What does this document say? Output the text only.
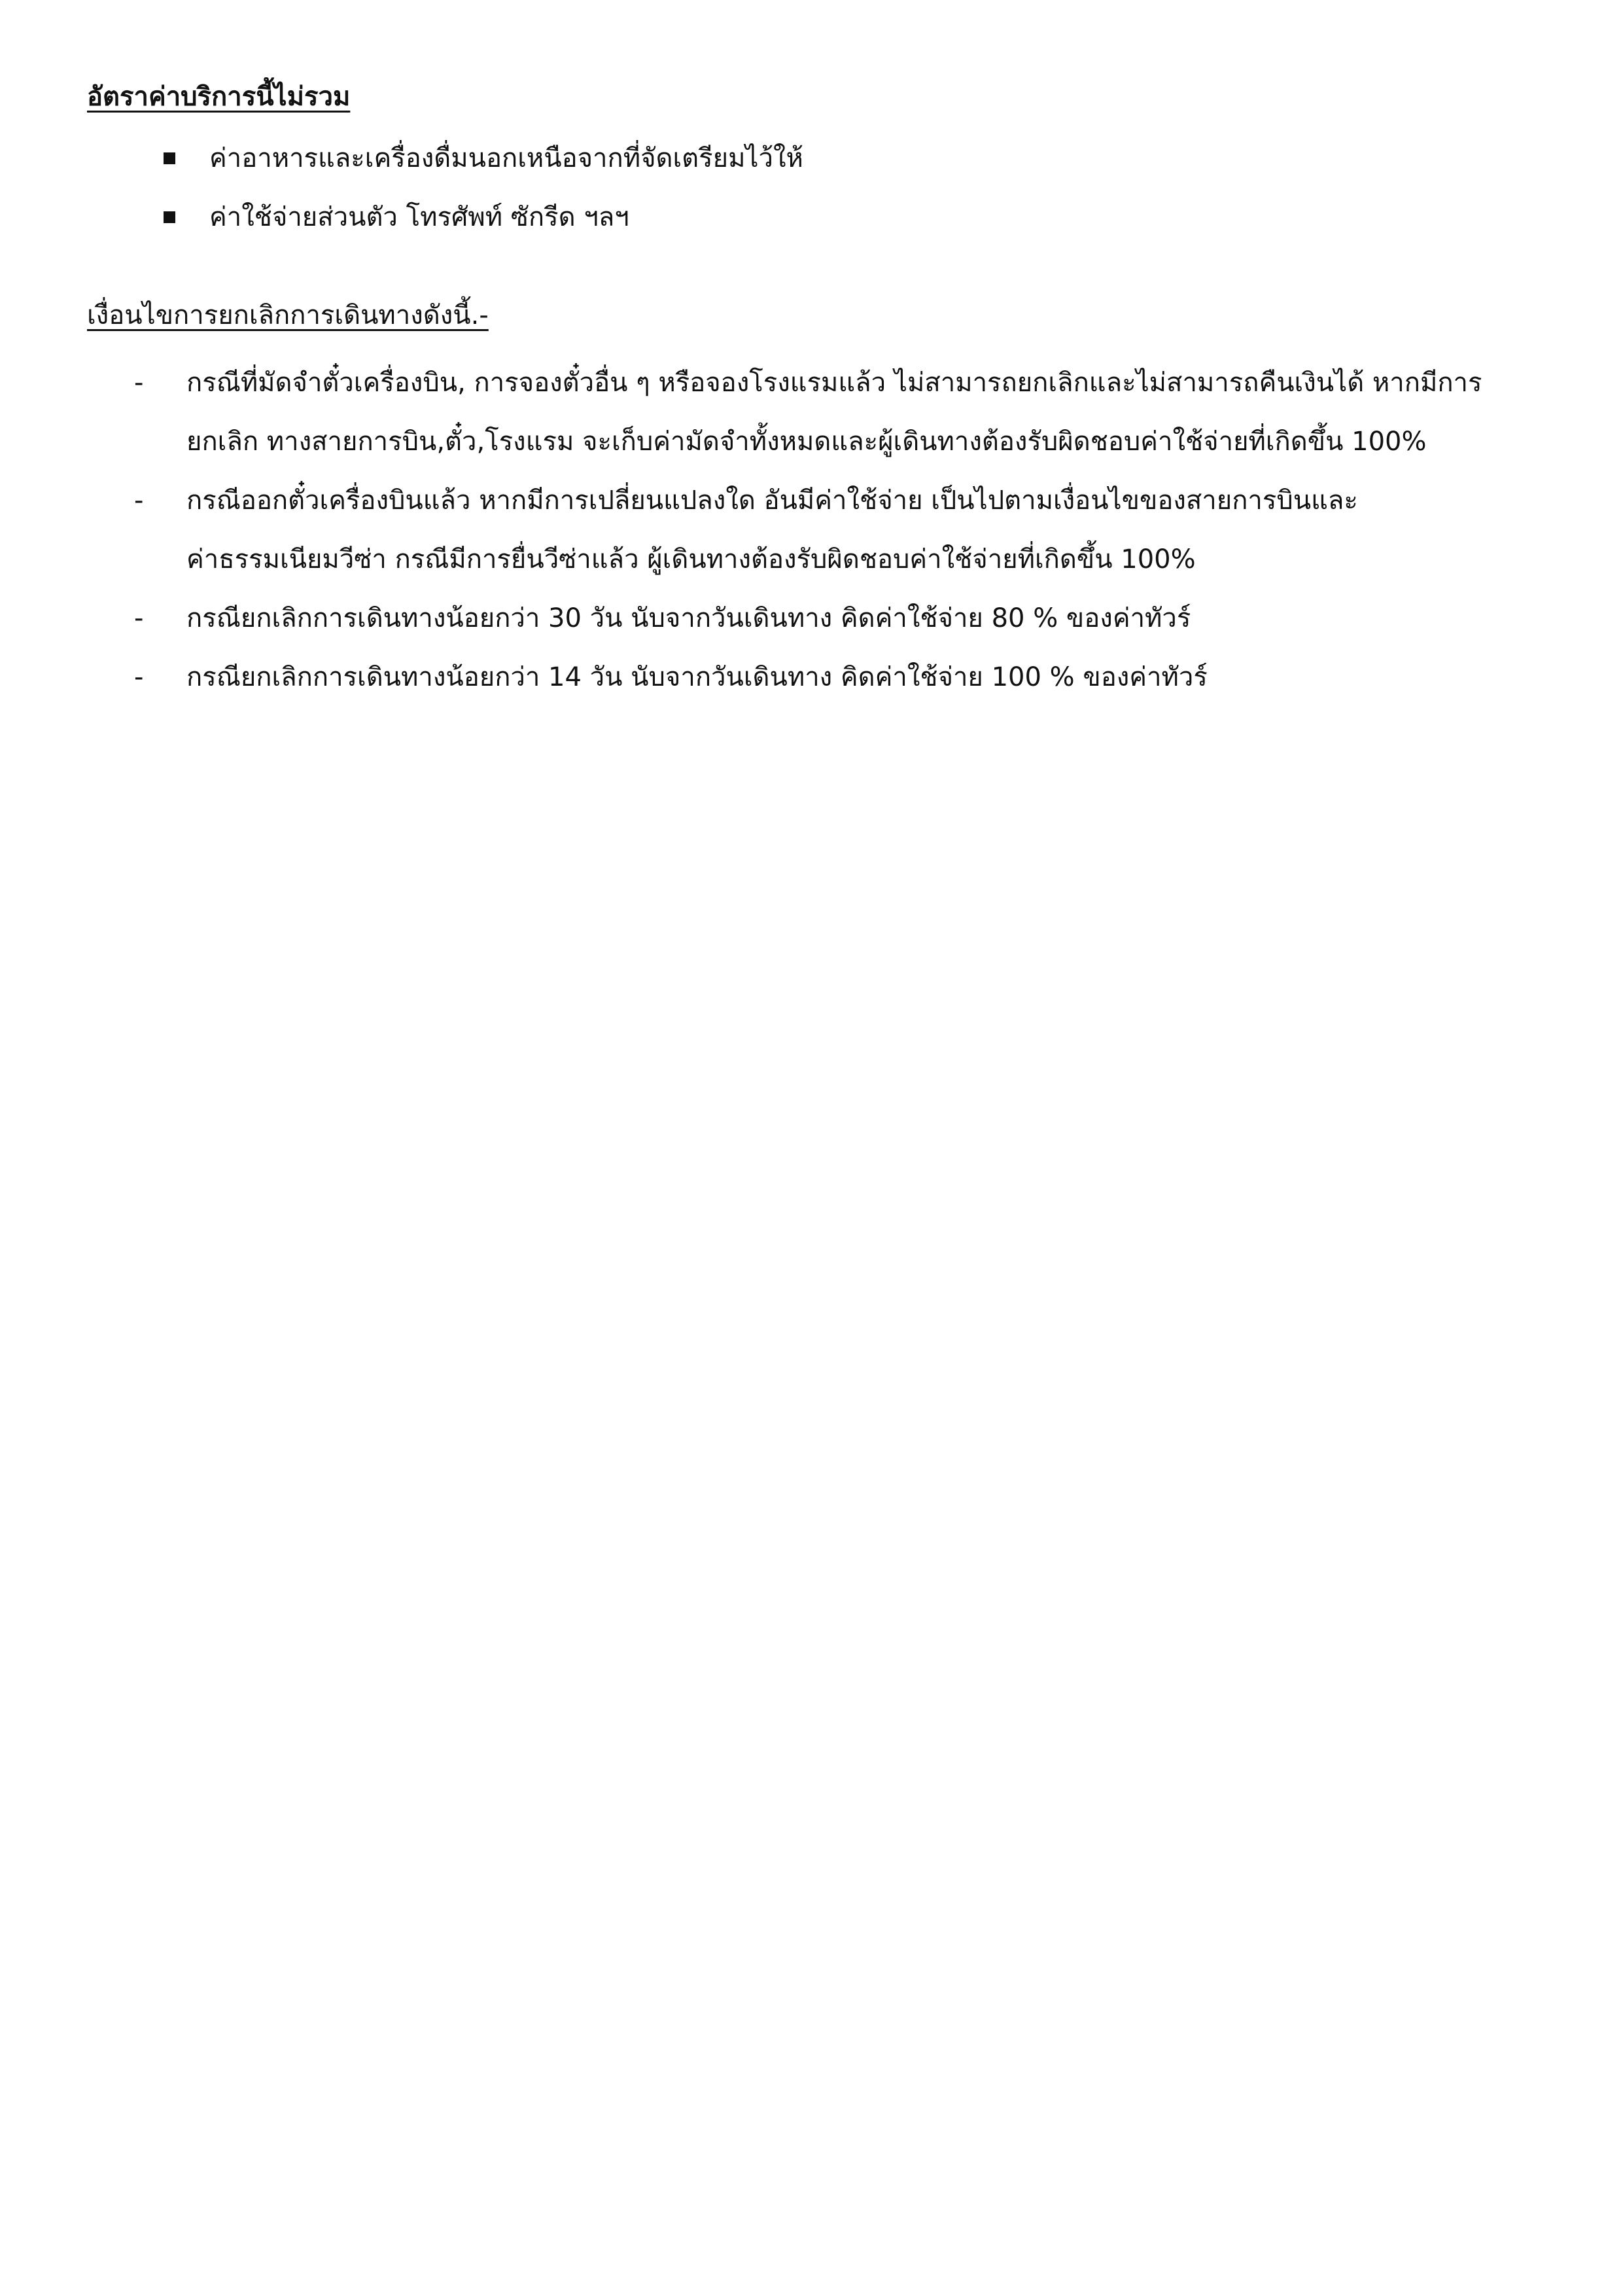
อัตราค่าบริการนี้ไม่รวม
ค่าอาหารและเครื่องดื่มนอกเหนือจากที่จัดเตรียมไว้ให้
ค่าใช้จ่ายส่วนตัว โทรศัพท์ ซักรีด ฯลฯ
เงื่อนไขการยกเลิกการเดินทางดังนี้.-
- กรณีที่มัดจำตั๋วเครื่องบิน, การจองตั๋วอื่น ๆ หรือจองโรงแรมแล้ว ไม่สามารถยกเลิกและไม่สามารถคืนเงินได้ หากมีการ
ยกเลิก ทางสายการบิน,ตั๋ว,โรงแรม จะเก็บค่ามัดจำทั้งหมดและผู้เดินทางต้องรับผิดชอบค่าใช้จ่ายที่เกิดขึ้น 100%
- กรณีออกตั๋วเครื่องบินแล้ว หากมีการเปลี่ยนแปลงใด อันมีค่าใช้จ่าย เป็นไปตามเงื่อนไขของสายการบินและ
ค่าธรรมเนียมวีซ่า กรณีมีการยื่นวีซ่าแล้ว ผู้เดินทางต้องรับผิดชอบค่าใช้จ่ายที่เกิดขึ้น 100%
- กรณียกเลิกการเดินทางน้อยกว่า 30 วัน นับจากวันเดินทาง คิดค่าใช้จ่าย 80 % ของค่าทัวร์
- กรณียกเลิกการเดินทางน้อยกว่า 14 วัน นับจากวันเดินทาง คิดค่าใช้จ่าย 100 % ของค่าทัวร์
